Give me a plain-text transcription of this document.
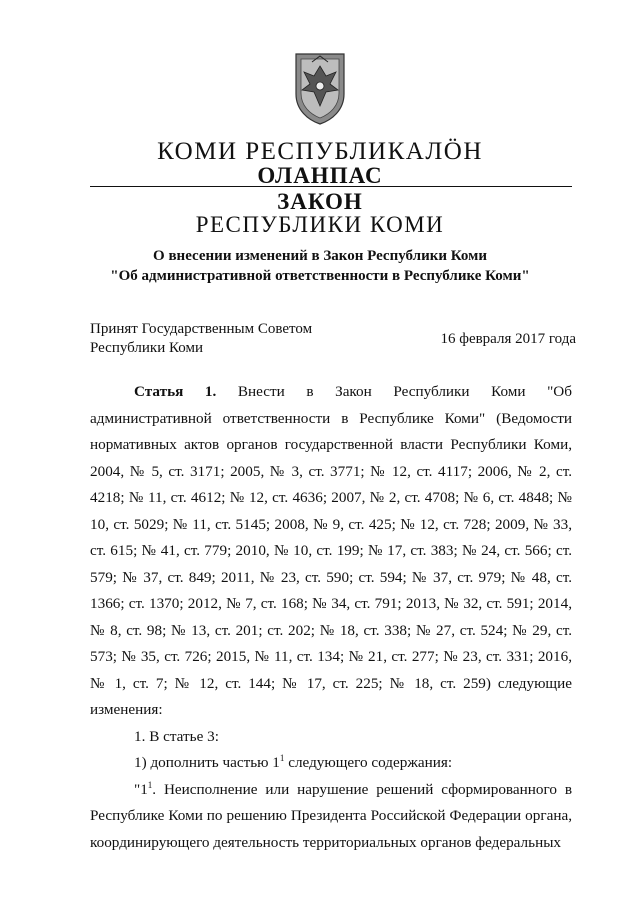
КОМИ РЕСПУБЛИКАЛӦН
ОЛАНПАС
ЗАКОН
РЕСПУБЛИКИ КОМИ
О внесении изменений в Закон Республики Коми
"Об административной ответственности в Республике Коми"
Принят Государственным Советом
Республики Коми
16 февраля 2017 года

Статья 1. Внести в Закон Республики Коми "Об административной ответственности в Республике Коми" (Ведомости нормативных актов органов государственной власти Республики Коми, 2004, № 5, ст. 3171; 2005, № 3, ст. 3771; № 12, ст. 4117; 2006, № 2, ст. 4218; № 11, ст. 4612; № 12, ст. 4636; 2007, № 2, ст. 4708; № 6, ст. 4848; № 10, ст. 5029; № 11, ст. 5145; 2008, № 9, ст. 425; № 12, ст. 728; 2009, № 33, ст. 615; № 41, ст. 779; 2010, № 10, ст. 199; № 17, ст. 383; № 24, ст. 566; ст. 579; № 37, ст. 849; 2011, № 23, ст. 590; ст. 594; № 37, ст. 979; № 48, ст. 1366; ст. 1370; 2012, № 7, ст. 168; № 34, ст. 791; 2013, № 32, ст. 591; 2014, № 8, ст. 98; № 13, ст. 201; ст. 202; № 18, ст. 338; № 27, ст. 524; № 29, ст. 573; № 35, ст. 726; 2015, № 11, ст. 134; № 21, ст. 277; № 23, ст. 331; 2016, № 1, ст. 7; № 12, ст. 144; № 17, ст. 225; № 18, ст. 259) следующие изменения:

1. В статье 3:

1) дополнить частью $1^1$ следующего содержания:

"$1^1$. Неисполнение или нарушение решений сформированного в Республике Коми по решению Президента Российской Федерации органа, координирующего деятельность территориальных органов федеральных
